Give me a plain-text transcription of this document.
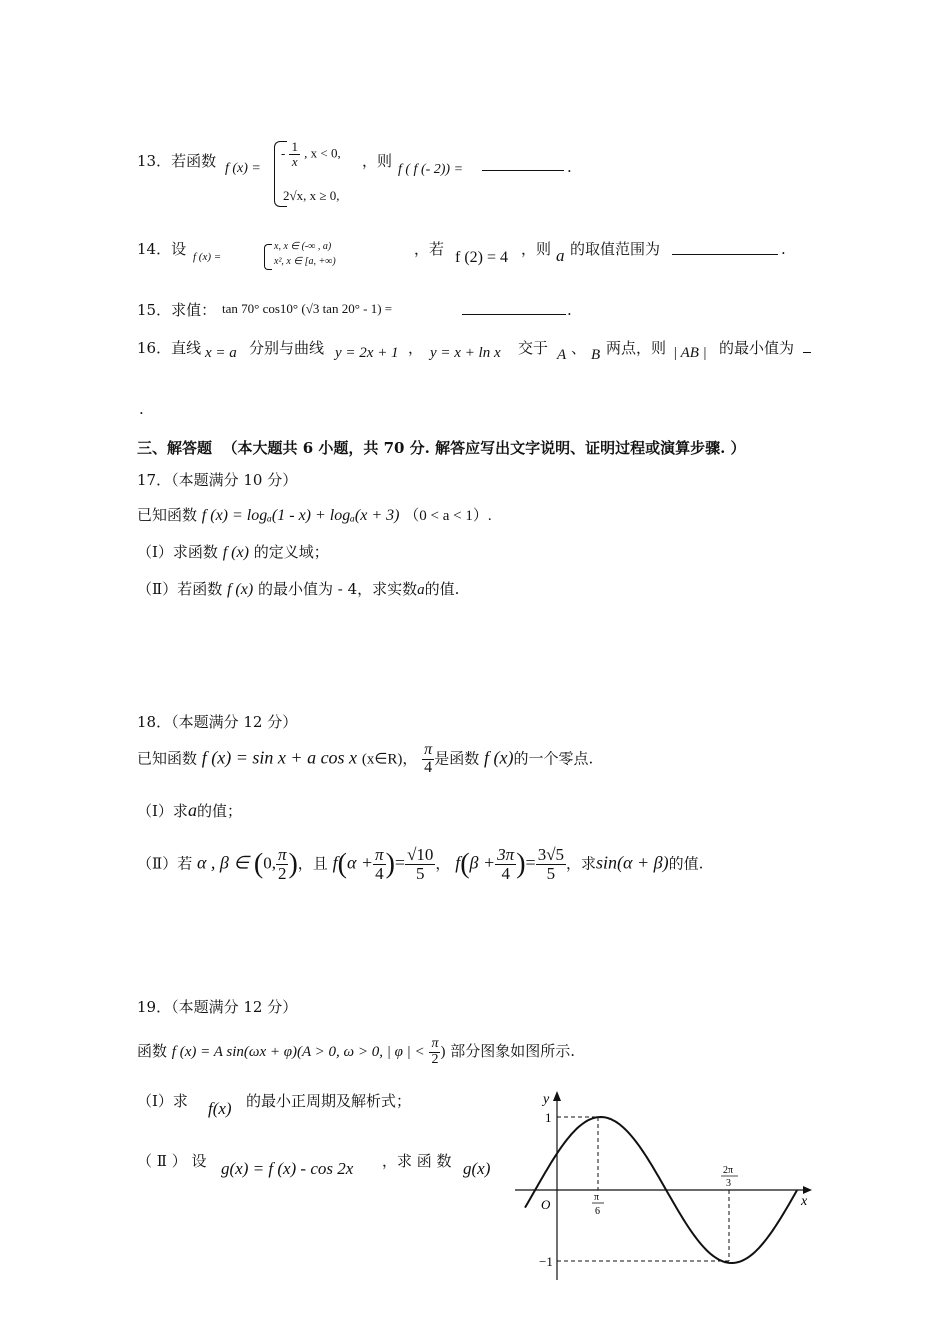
13．若函数 f (x) =
- $\frac{1}{x}$ , x < 0,
2√x, x ≥ 0,
，则 f ( f (- 2)) =	.
14．设 f (x) =
x, x ∈ (-∞ , a)
x², x ∈ [a, +∞)
，若 f (2) = 4 ，则 a 的取值范围为	.
15．求值： tan 70° cos10° (√3 tan 20° - 1) =	.
16．直线 x = a 分别与曲线 y = 2x + 1 ， y = x + ln x 交于 A 、 B 两点，则 | AB | 的最小值为
.
三、解答题 （本大题共 6 小题，共 70 分. 解答应写出文字说明、证明过程或演算步骤. ）
17．（本题满分 10 分）
已知函数 f (x) = logₐ(1 - x) + logₐ(x + 3) （0 < a < 1）.
（Ⅰ）求函数 f (x) 的定义域；
（Ⅱ）若函数 f (x) 的最小值为 - 4，求实数a的值.
18．（本题满分 12 分）
已知函数 f (x) = sin x + a cos x (x∈R)， $\frac{\pi}{4}$ 是函数 f (x)的一个零点.
（Ⅰ）求a的值；
（Ⅱ）若 α , β ∈ (0, $\frac{\pi}{2}$ )，且 $f(\alpha + \frac{\pi}{4}$ )= $\frac{√10}{5}$ ， $f(\beta + \frac{3\pi}{4}$ )= $\frac{3√5}{5}$ ，求sin(α + β)的值.
19．（本题满分 12 分）
函数 f (x) = A sin(ωx + φ)(A > 0, ω > 0, | φ | < $\frac{\pi}{2}$ ) 部分图象如图所示.
（Ⅰ）求 f(x) 的最小正周期及解析式；
（ Ⅱ ） 设 g(x) = f (x) - cos 2x ，求 函 数 g(x)
y
x
O
1
−1
π
6
2π
3
